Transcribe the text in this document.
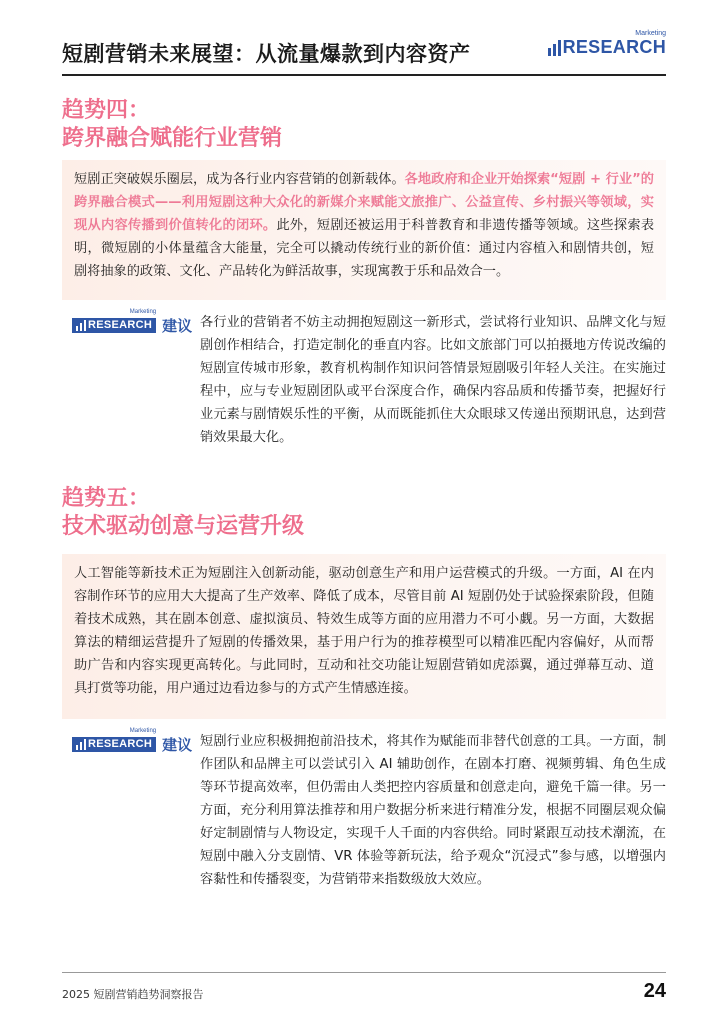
短剧营销未来展望：从流量爆款到内容资产
Marketing
RESEARCH
趋势四：
跨界融合赋能行业营销
短剧正突破娱乐圈层，成为各行业内容营销的创新载体。各地政府和企业开始探索“短剧 + 行业”的跨界融合模式——利用短剧这种大众化的新媒介来赋能文旅推广、公益宣传、乡村振兴等领域，实现从内容传播到价值转化的闭环。此外，短剧还被运用于科普教育和非遗传播等领域。这些探索表明，微短剧的小体量蕴含大能量，完全可以撬动传统行业的新价值：通过内容植入和剧情共创，短剧将抽象的政策、文化、产品转化为鲜活故事，实现寓教于乐和品效合一。
Marketing
RESEARCH 建议 各行业的营销者不妨主动拥抱短剧这一新形式，尝试将行业知识、品牌文化与短剧创作相结合，打造定制化的垂直内容。比如文旅部门可以拍摄地方传说改编的短剧宣传城市形象，教育机构制作知识问答情景短剧吸引年轻人关注。在实施过程中，应与专业短剧团队或平台深度合作，确保内容品质和传播节奏，把握好行业元素与剧情娱乐性的平衡，从而既能抓住大众眼球又传递出预期讯息，达到营销效果最大化。
趋势五：
技术驱动创意与运营升级
人工智能等新技术正为短剧注入创新动能，驱动创意生产和用户运营模式的升级。一方面，AI 在内容制作环节的应用大大提高了生产效率、降低了成本，尽管目前 AI 短剧仍处于试验探索阶段，但随着技术成熟，其在剧本创意、虚拟演员、特效生成等方面的应用潜力不可小觑。另一方面，大数据算法的精细运营提升了短剧的传播效果，基于用户行为的推荐模型可以精准匹配内容偏好，从而帮助广告和内容实现更高转化。与此同时，互动和社交功能让短剧营销如虎添翼，通过弹幕互动、道具打赏等功能，用户通过边看边参与的方式产生情感连接。
Marketing
RESEARCH 建议 短剧行业应积极拥抱前沿技术，将其作为赋能而非替代创意的工具。一方面，制作团队和品牌主可以尝试引入 AI 辅助创作，在剧本打磨、视频剪辑、角色生成等环节提高效率，但仍需由人类把控内容质量和创意走向，避免千篇一律。另一方面，充分利用算法推荐和用户数据分析来进行精准分发，根据不同圈层观众偏好定制剧情与人物设定，实现千人千面的内容供给。同时紧跟互动技术潮流，在短剧中融入分支剧情、VR 体验等新玩法，给予观众“沉浸式”参与感，以增强内容黏性和传播裂变，为营销带来指数级放大效应。
2025 短剧营销趋势洞察报告	24
